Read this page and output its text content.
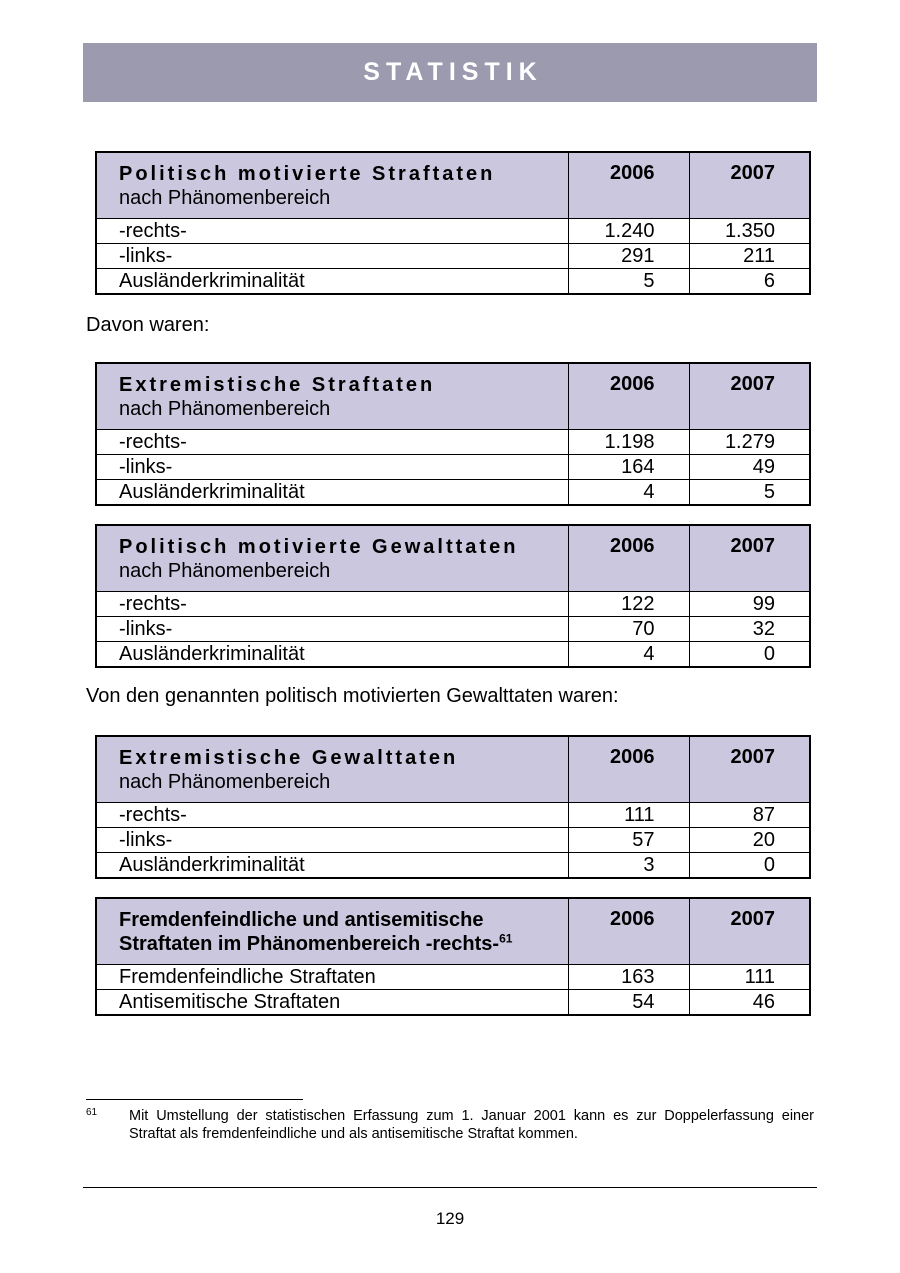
STATISTIK
Politisch motivierte Straftaten
nach Phänomenbereich	2006	2007
-rechts-	1.240	1.350
-links-	291	211
Ausländerkriminalität	5	6
Davon waren:
Extremistische Straftaten
nach Phänomenbereich	2006	2007
-rechts-	1.198	1.279
-links-	164	49
Ausländerkriminalität	4	5
Politisch motivierte Gewalttaten
nach Phänomenbereich	2006	2007
-rechts-	122	99
-links-	70	32
Ausländerkriminalität	4	0
Von den genannten politisch motivierten Gewalttaten waren:
Extremistische Gewalttaten
nach Phänomenbereich	2006	2007
-rechts-	111	87
-links-	57	20
Ausländerkriminalität	3	0
Fremdenfeindliche und antisemitische
Straftaten im Phänomenbereich -rechts-$^{61}$	2006	2007
Fremdenfeindliche Straftaten	163	111
Antisemitische Straftaten	54	46
61 Mit Umstellung der statistischen Erfassung zum 1. Januar 2001 kann es zur Doppelerfassung einer Straftat als fremdenfeindliche und als antisemitische Straftat kommen.
129
